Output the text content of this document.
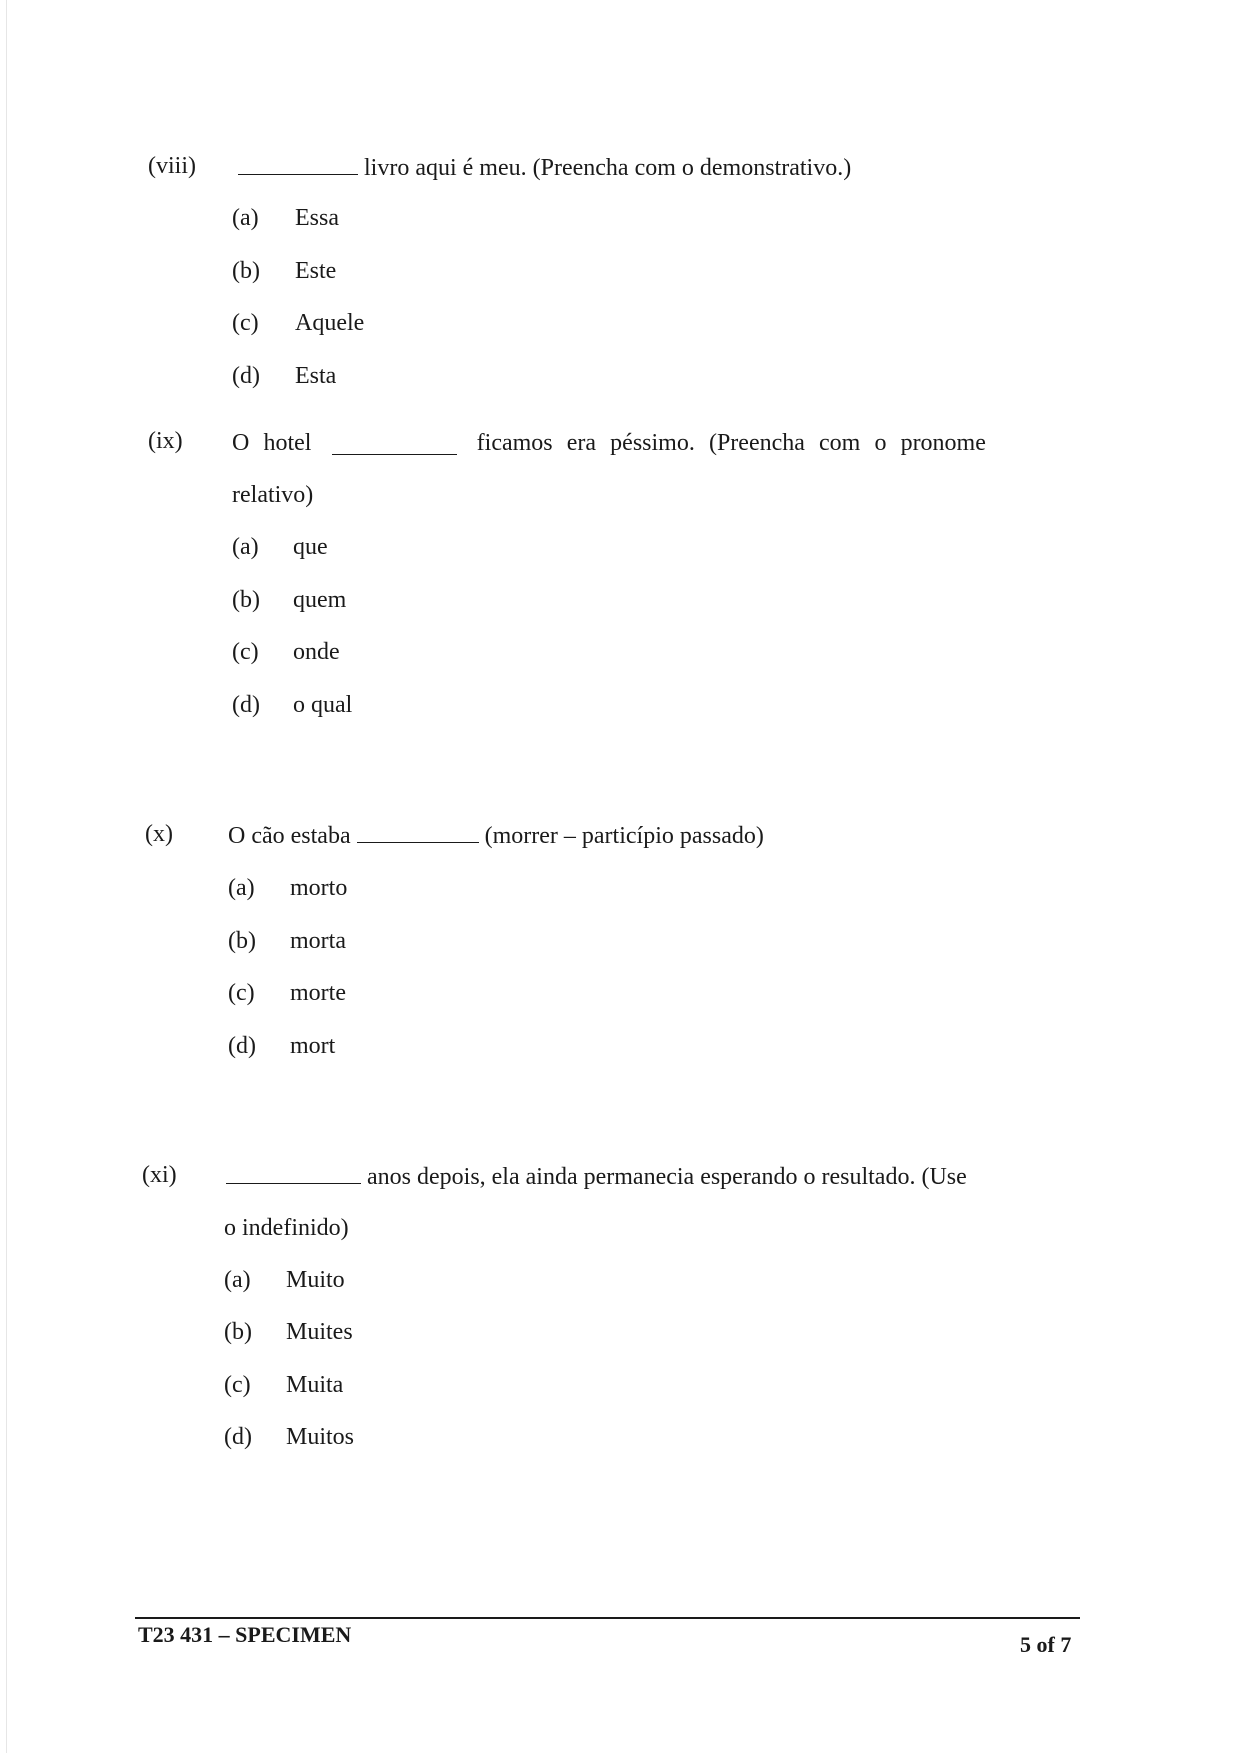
(viii)	livro aqui é meu. (Preencha com o demonstrativo.)
(a) Essa
(b) Este
(c) Aquele
(d) Esta
(ix) O hotel	ficamos era péssimo. (Preencha com o pronome
relativo)
(a) que
(b) quem
(c) onde
(d) o qual
(x) O cão estaba	(morrer – particípio passado)
(a) morto
(b) morta
(c) morte
(d) mort
(xi)	anos depois, ela ainda permanecia esperando o resultado. (Use
o indefinido)
(a) Muito
(b) Muites
(c) Muita
(d) Muitos
T23 431 – SPECIMEN	5 of 7
